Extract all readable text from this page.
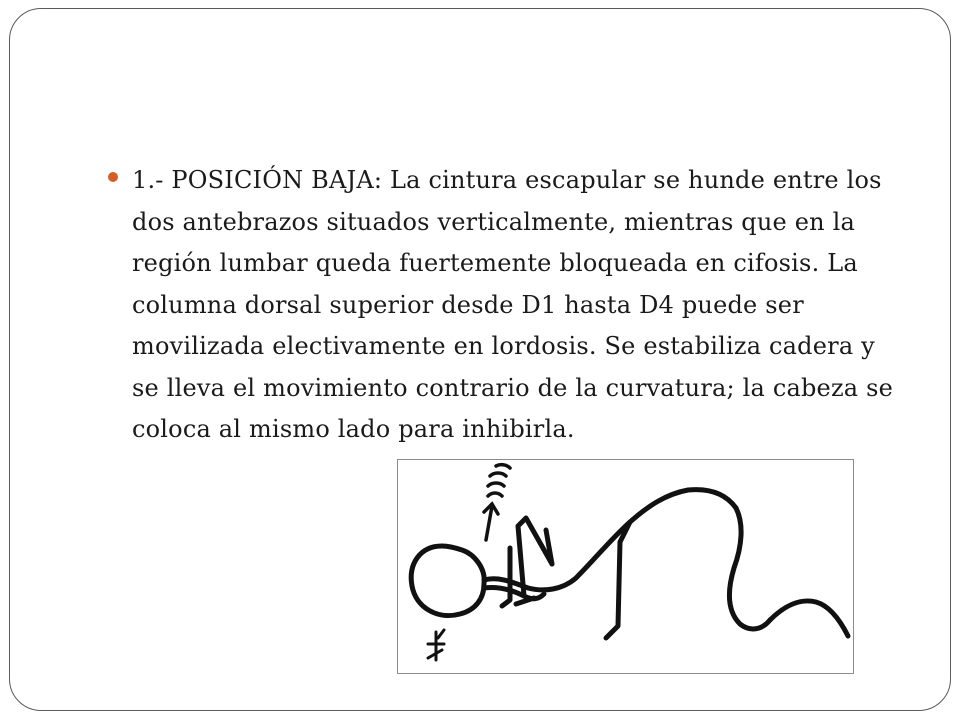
1.- POSICIÓN BAJA: La cintura escapular se hunde entre los dos antebrazos situados verticalmente, mientras que en la región lumbar queda fuertemente bloqueada en cifosis. La columna dorsal superior desde D1 hasta D4 puede ser movilizada electivamente en lordosis. Se estabiliza cadera y se lleva el movimiento contrario de la curvatura; la cabeza se coloca al mismo lado para inhibirla.
